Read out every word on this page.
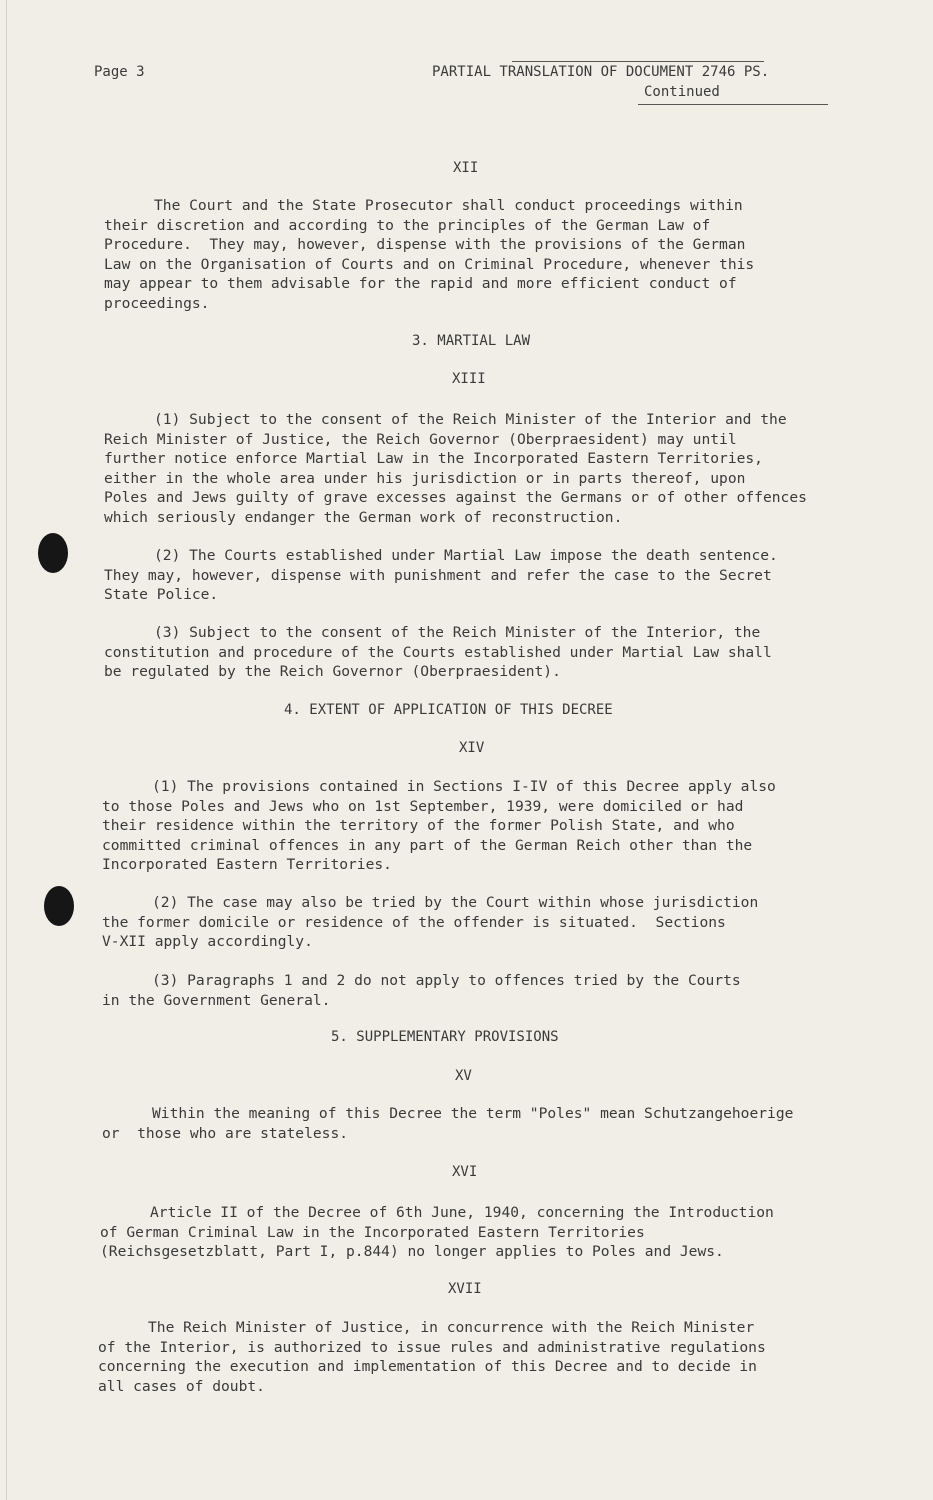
Page 3	PARTIAL TRANSLATION OF DOCUMENT 2746 PS.
Continued
XII
The Court and the State Prosecutor shall conduct proceedings within
their discretion and according to the principles of the German Law of
Procedure.  They may, however, dispense with the provisions of the German
Law on the Organisation of Courts and on Criminal Procedure, whenever this
may appear to them advisable for the rapid and more efficient conduct of
proceedings.
3. MARTIAL LAW
XIII
(1) Subject to the consent of the Reich Minister of the Interior and the
Reich Minister of Justice, the Reich Governor (Oberpraesident) may until
further notice enforce Martial Law in the Incorporated Eastern Territories,
either in the whole area under his jurisdiction or in parts thereof, upon
Poles and Jews guilty of grave excesses against the Germans or of other offences
which seriously endanger the German work of reconstruction.
(2) The Courts established under Martial Law impose the death sentence.
They may, however, dispense with punishment and refer the case to the Secret
State Police.
(3) Subject to the consent of the Reich Minister of the Interior, the
constitution and procedure of the Courts established under Martial Law shall
be regulated by the Reich Governor (Oberpraesident).
4. EXTENT OF APPLICATION OF THIS DECREE
XIV
(1) The provisions contained in Sections I-IV of this Decree apply also
to those Poles and Jews who on 1st September, 1939, were domiciled or had
their residence within the territory of the former Polish State, and who
committed criminal offences in any part of the German Reich other than the
Incorporated Eastern Territories.
(2) The case may also be tried by the Court within whose jurisdiction
the former domicile or residence of the offender is situated.  Sections
V-XII apply accordingly.
(3) Paragraphs 1 and 2 do not apply to offences tried by the Courts
in the Government General.
5. SUPPLEMENTARY PROVISIONS
XV
Within the meaning of this Decree the term "Poles" mean Schutzangehoerige
or  those who are stateless.
XVI
Article II of the Decree of 6th June, 1940, concerning the Introduction
of German Criminal Law in the Incorporated Eastern Territories
(Reichsgesetzblatt, Part I, p.844) no longer applies to Poles and Jews.
XVII
The Reich Minister of Justice, in concurrence with the Reich Minister
of the Interior, is authorized to issue rules and administrative regulations
concerning the execution and implementation of this Decree and to decide in
all cases of doubt.
